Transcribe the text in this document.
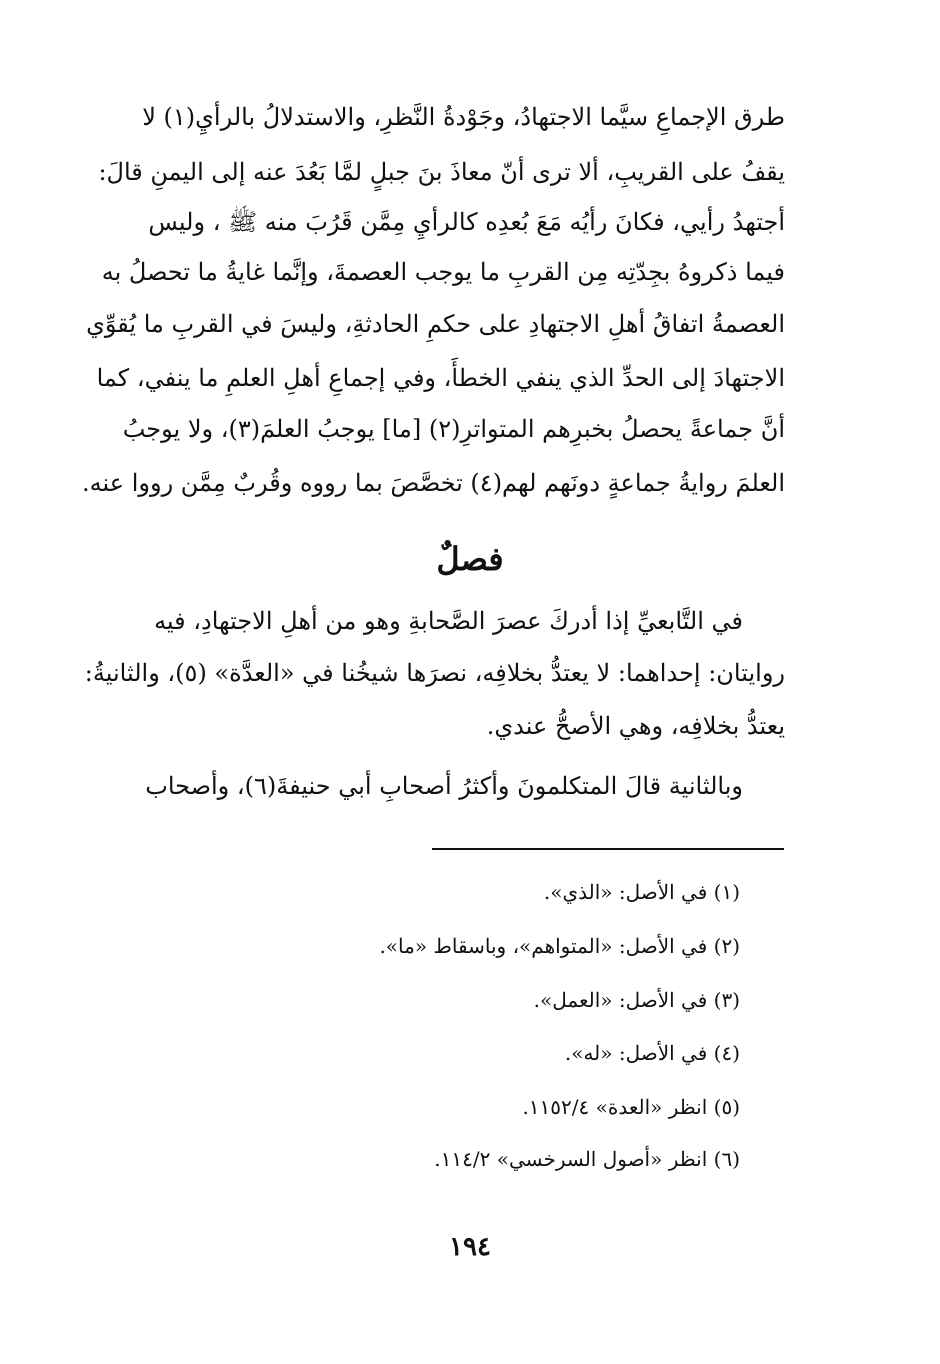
طرق الإجماعِ سيَّما الاجتهادُ، وجَوْدةُ النَّظرِ، والاستدلالُ بالرأيِ(١) لا
يقفُ على القريبِ، ألا ترى أنّ معاذَ بنَ جبلٍ لمَّا بَعُدَ عنه إلى اليمنِ قالَ:
أجتهدُ رأيي، فكانَ رأيُه مَعَ بُعدِه كالرأيِ مِمَّن قَرُبَ منه ﷺ ، وليس
فيما ذكروهُ بجِدّتِه مِن القربِ ما يوجب العصمةَ، وإنَّما غايةُ ما تحصلُ به
العصمةُ اتفاقُ أهلِ الاجتهادِ على حكمِ الحادثةِ، وليسَ في القربِ ما يُقوِّي
الاجتهادَ إلى الحدِّ الذي ينفي الخطأَ، وفي إجماعِ أهلِ العلمِ ما ينفي، كما
أنَّ جماعةً يحصلُ بخبرِهم المتواترِ(٢) [ما] يوجبُ العلمَ(٣)، ولا يوجبُ
العلمَ روايةُ جماعةٍ دونَهم لهم(٤) تخصَّصَ بما رووه وقُربٌ مِمَّن رووا عنه.
فصلٌ
في التَّابعيِّ إذا أدركَ عصرَ الصَّحابةِ وهو من أهلِ الاجتهادِ، فيه
روايتان: إحداهما: لا يعتدُّ بخلافِه، نصرَها شيخُنا في «العدَّة» (٥)، والثانيةُ:
يعتدُّ بخلافِه، وهي الأصحُّ عندي.
وبالثانية قالَ المتكلمونَ وأكثرُ أصحابِ أبي حنيفةَ(٦)، وأصحاب
(١) في الأصل: «الذي».
(٢) في الأصل: «المتواهم»، وباسقاط «ما».
(٣) في الأصل: «العمل».
(٤) في الأصل: «له».
(٥) انظر «العدة» ١١٥٢/٤.
(٦) انظر «أصول السرخسي» ١١٤/٢.
١٩٤
